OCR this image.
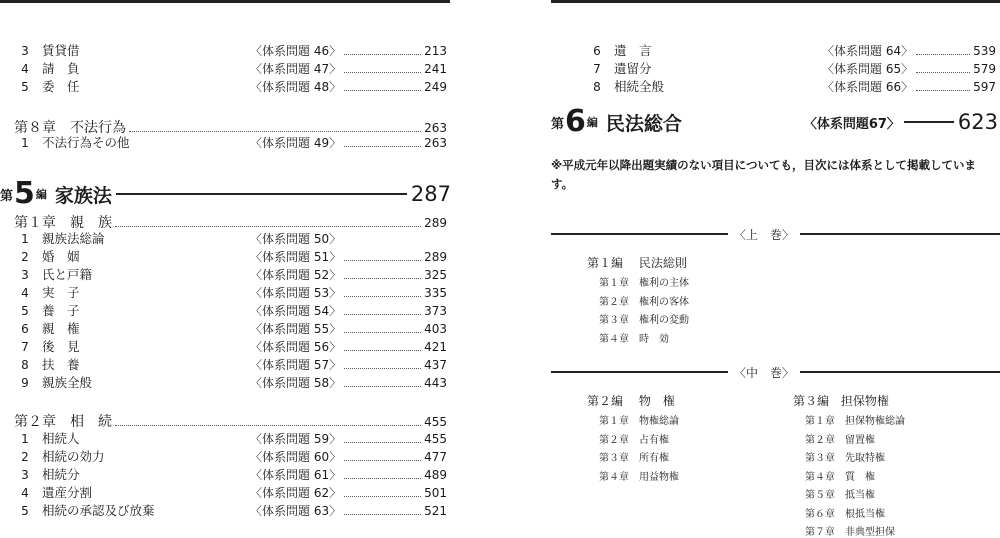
3	賃貸借	〈体系問題 46〉	213
4	請　負	〈体系問題 47〉	241
5	委　任	〈体系問題 48〉	249
第８章 不法行為	263
1	不法行為その他	〈体系問題 49〉	263
第 5 編 家族法	287
第１章 親　族	289
1	親族法総論	〈体系問題 50〉
2	婚　姻	〈体系問題 51〉	289
3	氏と戸籍	〈体系問題 52〉	325
4	実　子	〈体系問題 53〉	335
5	養　子	〈体系問題 54〉	373
6	親　権	〈体系問題 55〉	403
7	後　見	〈体系問題 56〉	421
8	扶　養	〈体系問題 57〉	437
9	親族全般	〈体系問題 58〉	443
第２章 相　続	455
1	相続人	〈体系問題 59〉	455
2	相続の効力	〈体系問題 60〉	477
3	相続分	〈体系問題 61〉	489
4	遺産分割	〈体系問題 62〉	501
5	相続の承認及び放棄	〈体系問題 63〉	521
6	遺　言	〈体系問題 64〉	539
7	遺留分	〈体系問題 65〉	579
8	相続全般	〈体系問題 66〉	597
第 6 編 民法総合	〈体系問題67〉	623
※平成元年以降出題実績のない項目についても，目次には体系として掲載しています。
〈上　巻〉
第１編 民法総則
第１章 権利の主体
第２章 権利の客体
第３章 権利の変動
第４章 時　効
〈中　巻〉
第２編 物　権
第１章 物権総論
第２章 占有権
第３章 所有権
第４章 用益物権
第３編 担保物権
第１章 担保物権総論
第２章 留置権
第３章 先取特権
第４章 質　権
第５章 抵当権
第６章 根抵当権
第７章 非典型担保
